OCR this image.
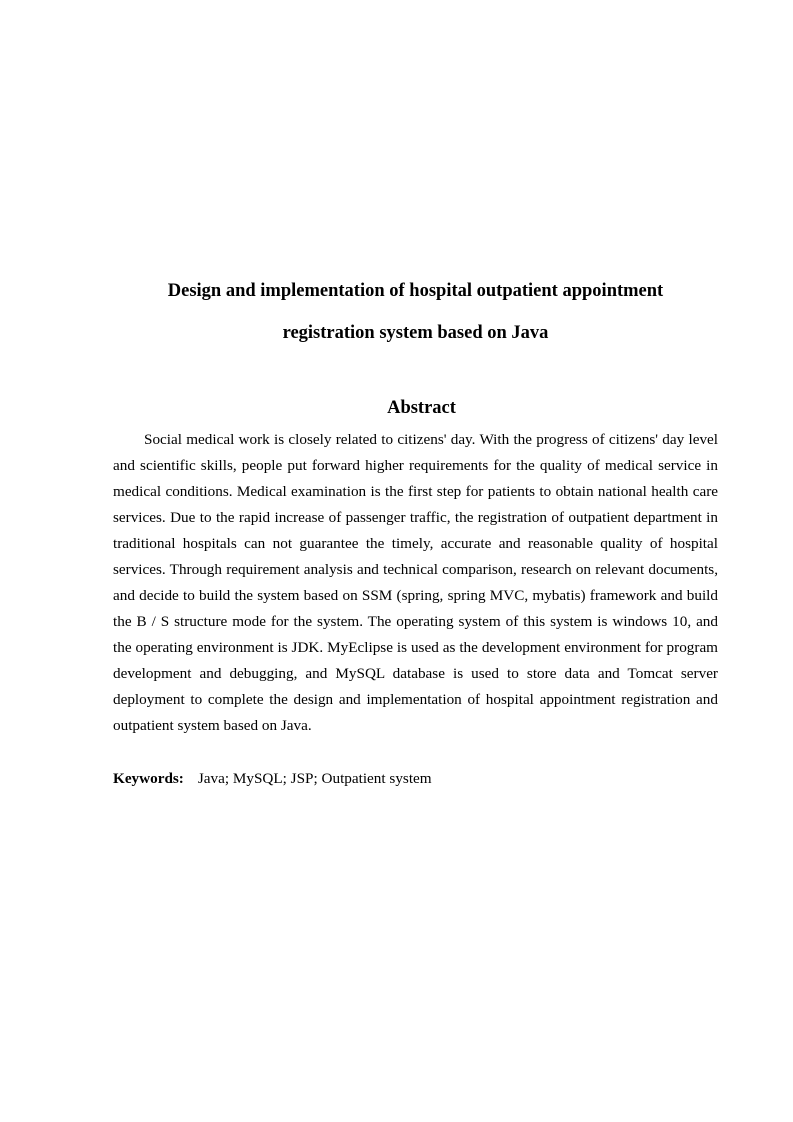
Design and implementation of hospital outpatient appointment
registration system based on Java
Abstract

Social medical work is closely related to citizens' day. With the progress of citizens' day level and scientific skills, people put forward higher requirements for the quality of medical service in medical conditions. Medical examination is the first step for patients to obtain national health care services. Due to the rapid increase of passenger traffic, the registration of outpatient department in traditional hospitals can not guarantee the timely, accurate and reasonable quality of hospital services. Through requirement analysis and technical comparison, research on relevant documents, and decide to build the system based on SSM (spring, spring MVC, mybatis) framework and build the B / S structure mode for the system. The operating system of this system is windows 10, and the operating environment is JDK. MyEclipse is used as the development environment for program development and debugging, and MySQL database is used to store data and Tomcat server deployment to complete the design and implementation of hospital appointment registration and outpatient system based on Java.

Keywords: Java; MySQL; JSP; Outpatient system
